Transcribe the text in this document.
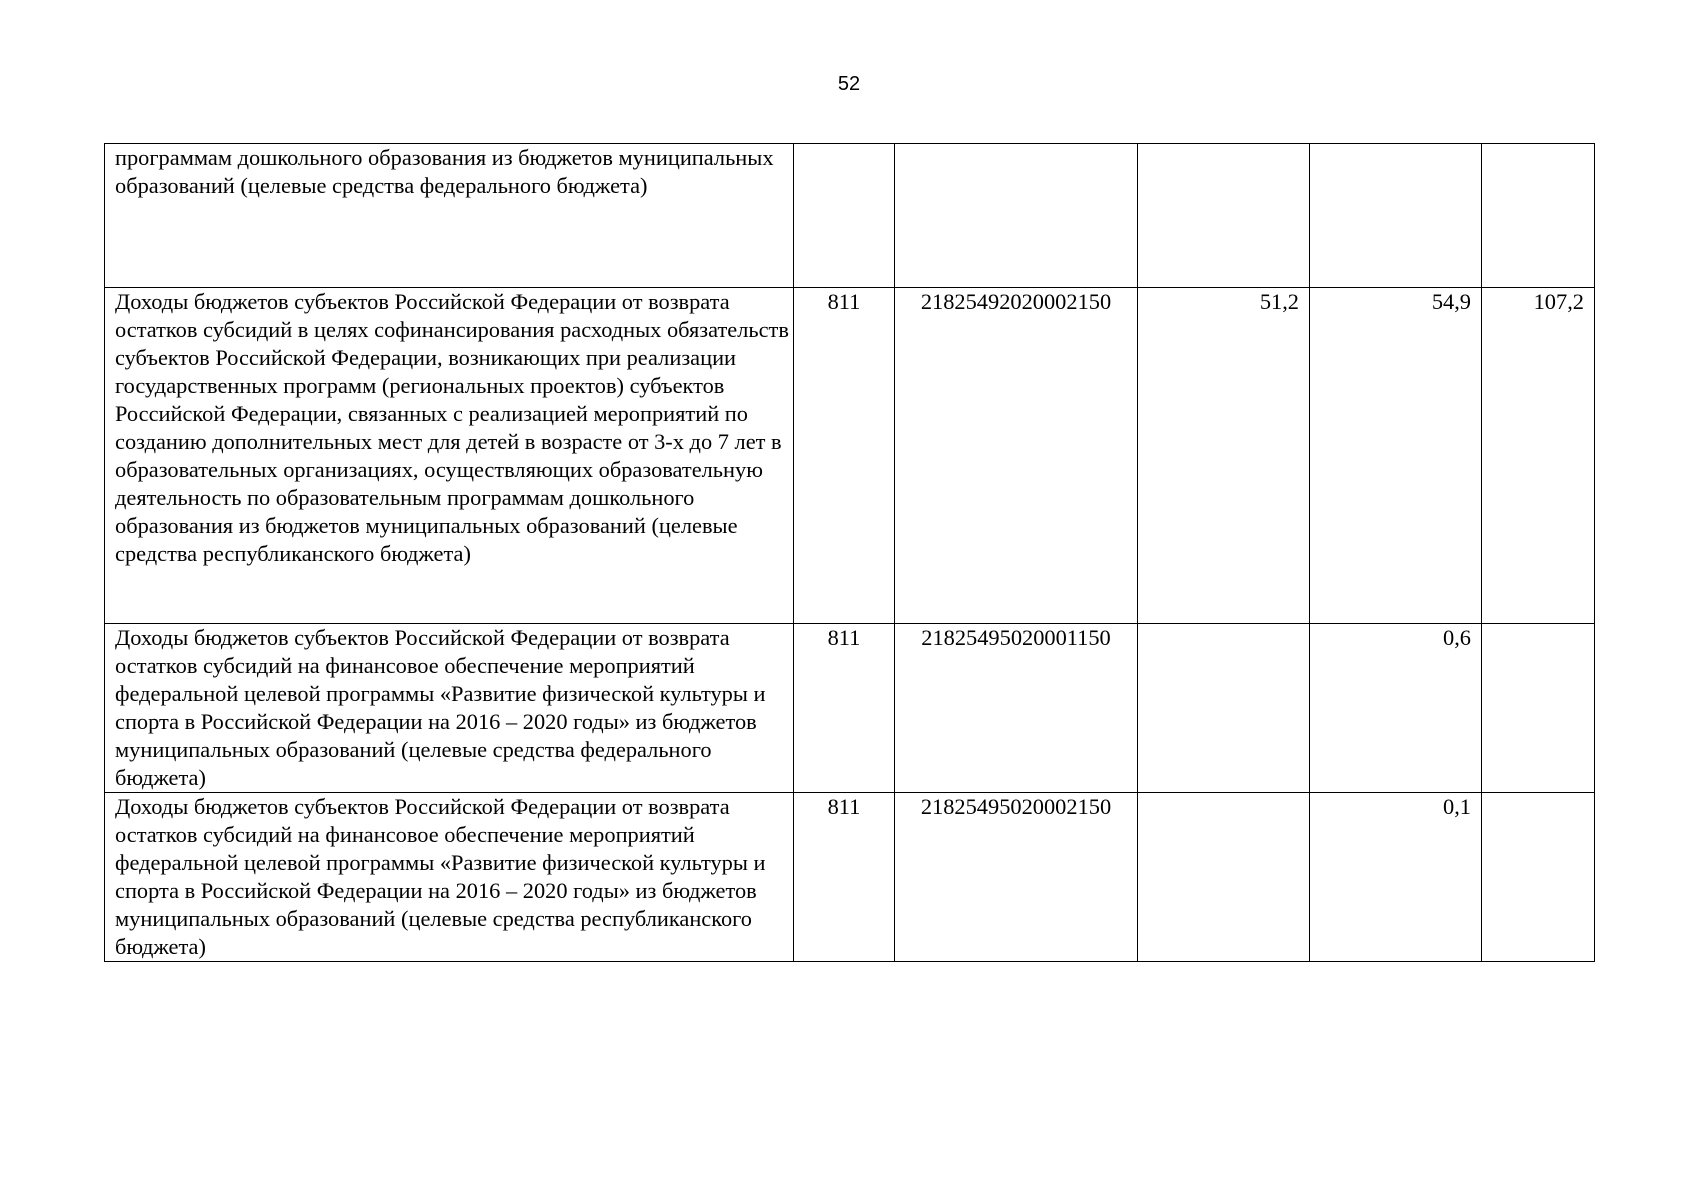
52
программам дошкольного образования из бюджетов муниципальных образований (целевые средства федерального бюджета)					

Доходы бюджетов субъектов Российской Федерации от возврата остатков субсидий в целях софинансирования расходных обязательств субъектов Российской Федерации, возникающих при реализации государственных программ (региональных проектов) субъектов Российской Федерации, связанных с реализацией мероприятий по созданию дополнительных мест для детей в возрасте от 3-х до 7 лет в образовательных организациях, осуществляющих образовательную деятельность по образовательным программам дошкольного образования из бюджетов муниципальных образований (целевые средства республиканского бюджета)	811	21825492020002150	51,2	54,9	107,2

Доходы бюджетов субъектов Российской Федерации от возврата остатков субсидий на финансовое обеспечение мероприятий федеральной целевой программы «Развитие физической культуры и спорта в Российской Федерации на 2016 – 2020 годы» из бюджетов муниципальных образований (целевые средства федерального бюджета)	811	21825495020001150		0,6	

Доходы бюджетов субъектов Российской Федерации от возврата остатков субсидий на финансовое обеспечение мероприятий федеральной целевой программы «Развитие физической культуры и спорта в Российской Федерации на 2016 – 2020 годы» из бюджетов муниципальных образований (целевые средства республиканского бюджета)	811	21825495020002150		0,1	
